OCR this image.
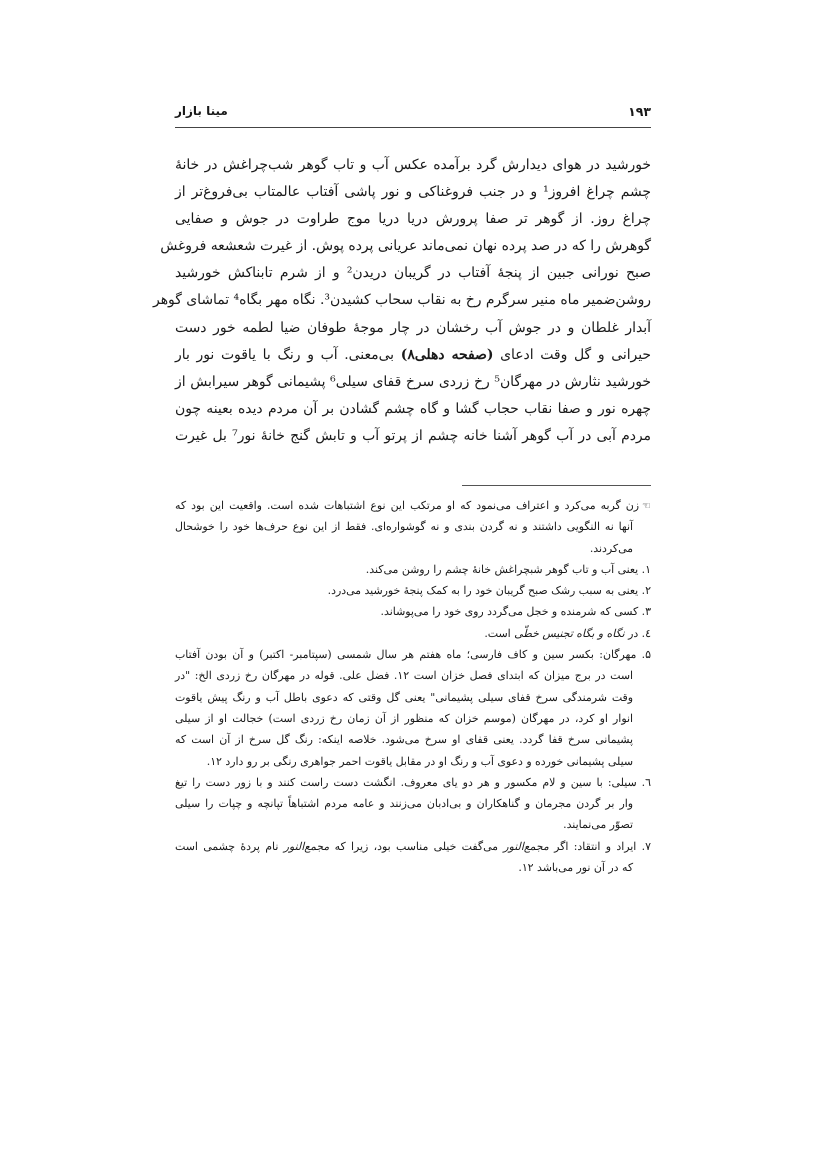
۱۹۳
مینا بازار
خورشید در هوای دیدارش گرد برآمده عکس آب و تاب گوهر شب‌چراغش در خانۀ
چشم چراغ افروز¹ و در جنب فروغناکی و نور پاشی آفتاب عالمتاب بی‌فروغ‌تر از
چراغ روز. از گوهر تر صفا پرورش دریا دریا موج طراوت در جوش و صفایی
گوهرش را که در صد پرده نهان نمی‌ماند عریانی پرده پوش. از غیرت شعشعه فروغش
صبح نورانی جبین از پنجۀ آفتاب در گریبان دریدن² و از شرم تابناکش خورشید
روشن‌ضمیر ماه منیر سرگرم رخ به نقاب سحاب کشیدن³. نگاه مهر بگاه⁴ تماشای گوهر
آبدار غلطان و در جوش آب رخشان در چار موجۀ طوفان ضیا لطمه خور دست
حیرانی و گل وقت ادعای (صفحه دهلی۸) بی‌معنی. آب و رنگ با یاقوت نور بار
خورشید نثارش در مهرگان⁵ رخ زردی سرخ قفای سیلی⁶ پشیمانی گوهر سیرابش از
چهره نور و صفا نقاب حجاب گشا و گاه چشم گشادن بر آن مردم دیده بعینه چون
مردم آبی در آب گوهر آشنا خانه چشم از پرتو آب و تابش گنج خانۀ نور⁷ بل غیرت
☜زن گربه می‌کرد و اعتراف می‌نمود که او مرتکب این نوع اشتباهات شده است. واقعیت این بود که
آنها نه النگویی داشتند و نه گردن بندی و نه گوشواره‌ای. فقط از این نوع حرف‌ها خود را خوشحال
می‌کردند.
۱. یعنی آب و تاب گوهر شبچراغش خانۀ چشم را روشن می‌کند.
۲. یعنی به سبب رشک صبح گریبان خود را به کمک پنجۀ خورشید می‌درد.
۳. کسی که شرمنده و خجل می‌گردد روی خود را می‌پوشاند.
٤. در نگاه و بگاه تجنیس خطّی است.
۵. مهرگان: بکسر سین و کاف فارسی؛ ماه هفتم هر سال شمسی (سپتامبر- اکتبر) و آن بودن آفتاب
است در برج میزان که ابتدای فصل خزان است ۱۲. فضل علی. قوله در مهرگان رخ زردی الخ: "در
وقت شرمندگی سرخ قفای سیلی پشیمانی" یعنی گل وقتی که دعوی باطل آب و رنگ پیش یاقوت
انوار او کرد، در مهرگان (موسم خزان که منظور از آن زمان رخ زردی است) خجالت او از سیلی
پشیمانی سرخ قفا گردد. یعنی قفای او سرخ می‌شود. خلاصه اینکه: رنگ گل سرخ از آن است که
سیلی پشیمانی خورده و دعوی آب و رنگ او در مقابل یاقوت احمر جواهری رنگی بر رو دارد ۱۲.
٦. سیلی: با سین و لام مکسور و هر دو یای معروف. انگشت دست راست کنند و با زور دست را تیغ
وار بر گردن مجرمان و گناهکاران و بی‌ادبان می‌زنند و عامه مردم اشتباهاً تپانچه و چپات را سیلی
تصوّر می‌نمایند.
۷. ایراد و انتقاد: اگر مجمع‌النور می‌گفت خیلی مناسب بود، زیرا که مجمع‌النور نام پردۀ چشمی است
که در آن نور می‌باشد ۱۲.
